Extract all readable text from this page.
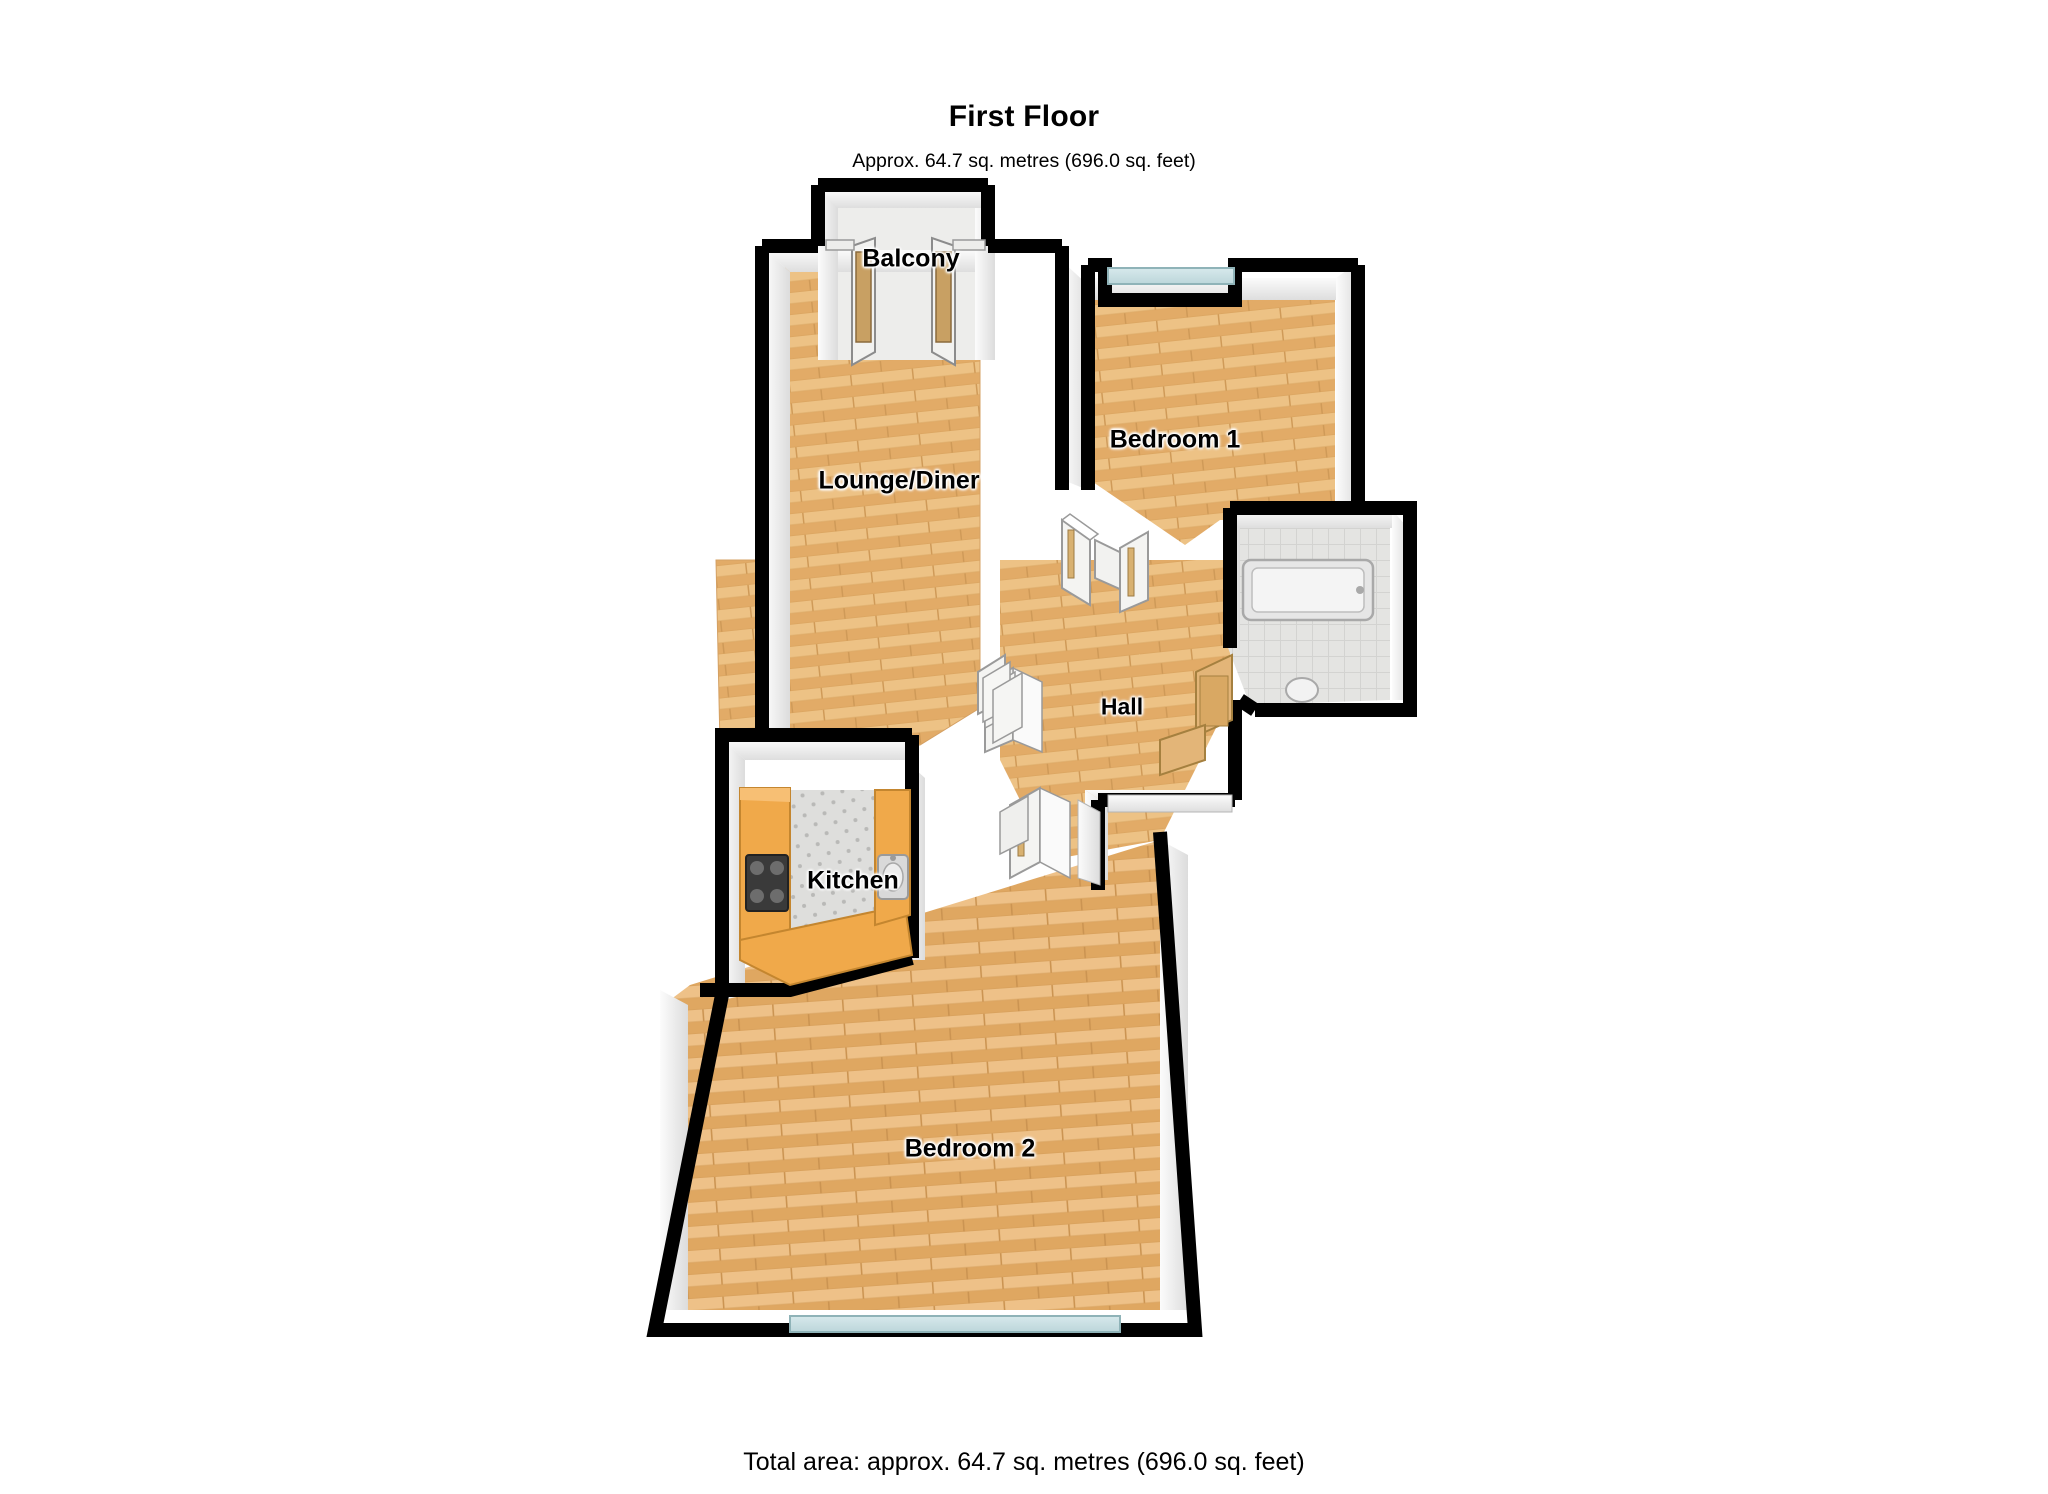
First Floor
Approx. 64.7 sq. metres (696.0 sq. feet)
Balcony
Lounge/Diner
Bedroom 1
Hall
Kitchen
Bedroom 2
Total area: approx. 64.7 sq. metres (696.0 sq. feet)
